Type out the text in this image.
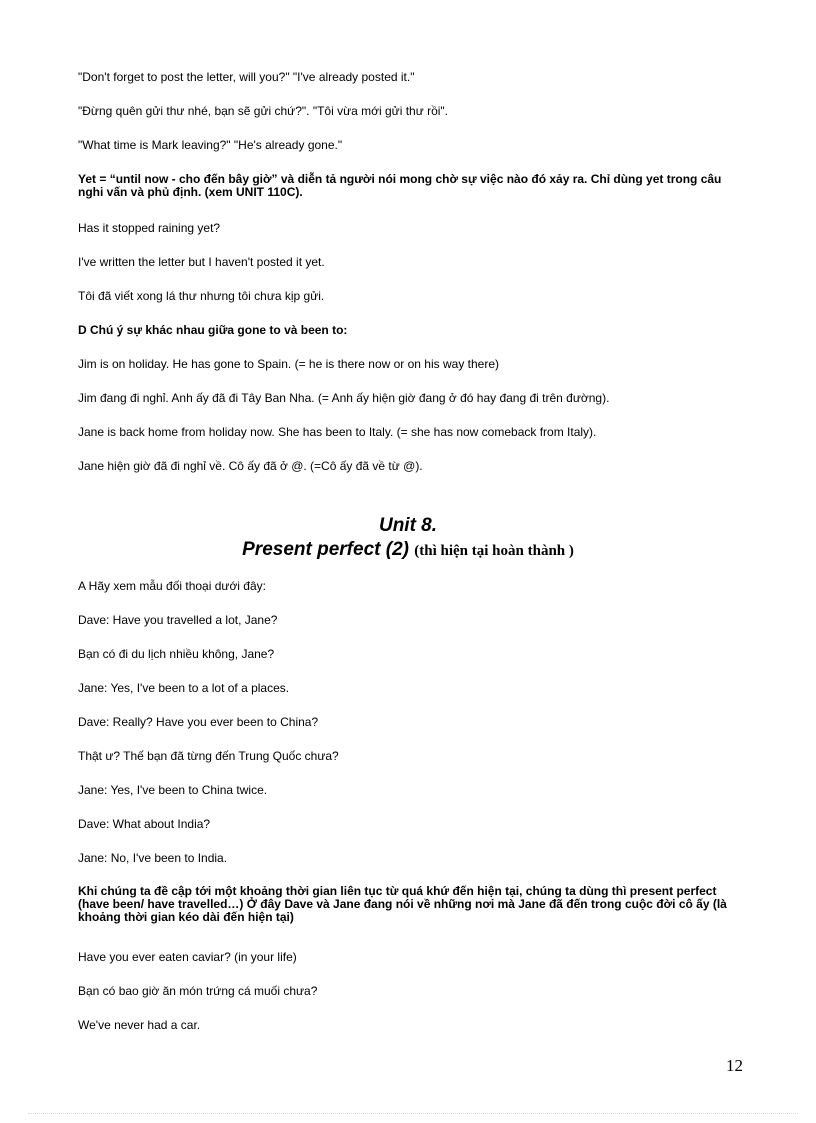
"Don't forget to post the letter, will you?" "I've already posted it."
"Đừng quên gửi thư nhé, bạn sẽ gửi chứ?". "Tôi vừa mới gửi thư rồi".
"What time is Mark leaving?" "He's already gone."
Yet = “until now - cho đến bây giờ” và diễn tả người nói mong chờ sự việc nào đó xảy ra. Chỉ dùng yet trong câu nghi vấn và phủ định. (xem UNIT 110C).
Has it stopped raining yet?
I've written the letter but I haven't posted it yet.
Tôi đã viết xong lá thư nhưng tôi chưa kịp gửi.
D Chú ý sự khác nhau giữa gone to và been to:
Jim is on holiday. He has gone to Spain. (= he is there now or on his way there)
Jim đang đi nghỉ. Anh ấy đã đi Tây Ban Nha. (= Anh ấy hiện giờ đang ở đó hay đang đi trên đường).
Jane is back home from holiday now. She has been to Italy. (= she has now comeback from Italy).
Jane hiện giờ đã đi nghỉ về. Cô ấy đã ở @. (=Cô ấy đã về từ @).
Unit 8.
Present perfect (2) (thì hiện tại hoàn thành )
A Hãy xem mẫu đối thoại dưới đây:
Dave: Have you travelled a lot, Jane?
Bạn có đi du lịch nhiều không, Jane?
Jane: Yes, I've been to a lot of a places.
Dave: Really? Have you ever been to China?
Thật ư? Thế bạn đã từng đến Trung Quốc chưa?
Jane: Yes, I've been to China twice.
Dave: What about India?
Jane: No, I've been to India.
Khi chúng ta đề cập tới một khoảng thời gian liên tục từ quá khứ đến hiện tại, chúng ta dùng thì present perfect (have been/ have travelled…) Ở đây Dave và Jane đang nói về những nơi mà Jane đã đến trong cuộc đời cô ấy (là khoảng thời gian kéo dài đến hiện tại)
Have you ever eaten caviar? (in your life)
Bạn có bao giờ ăn món trứng cá muối chưa?
We've never had a car.
12
